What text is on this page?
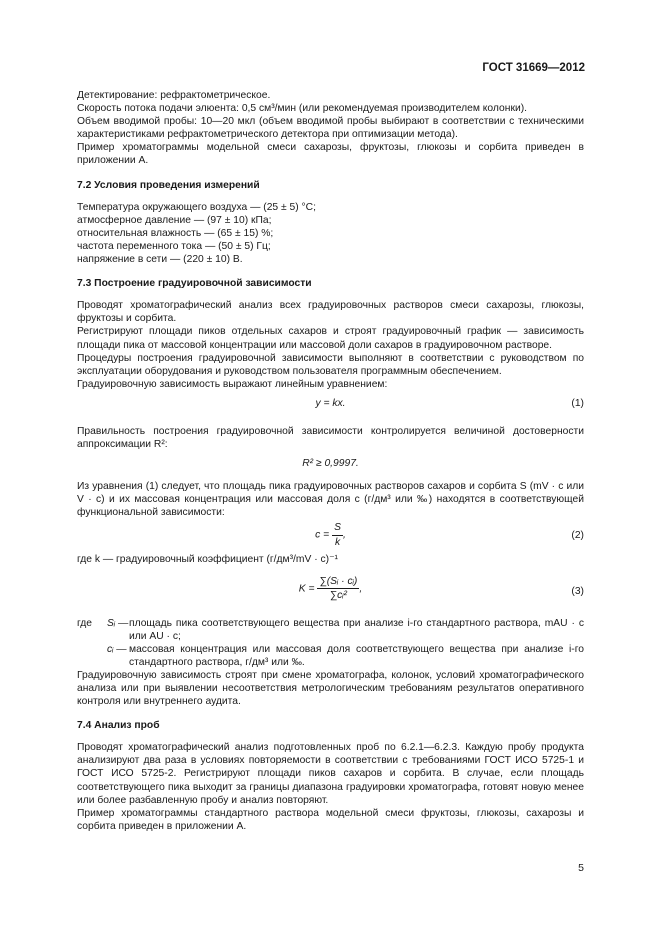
ГОСТ 31669—2012

Детектирование: рефрактометрическое.

Скорость потока подачи элюента: 0,5 см³/мин (или рекомендуемая производителем колонки).

Объем вводимой пробы: 10—20 мкл (объем вводимой пробы выбирают в соответствии с техническими характеристиками рефрактометрического детектора при оптимизации метода).

Пример хроматограммы модельной смеси сахарозы, фруктозы, глюкозы и сорбита приведен в приложении А.

7.2 Условия проведения измерений

Температура окружающего воздуха — (25 ± 5) °С;

атмосферное давление — (97 ± 10) кПа;

относительная влажность — (65 ± 15) %;

частота переменного тока — (50 ± 5) Гц;

напряжение в сети — (220 ± 10) В.

7.3 Построение градуировочной зависимости

Проводят хроматографический анализ всех градуировочных растворов смеси сахарозы, глюкозы, фруктозы и сорбита.

Регистрируют площади пиков отдельных сахаров и строят градуировочный график — зависимость площади пика от массовой концентрации или массовой доли сахаров в градуировочном растворе.

Процедуры построения градуировочной зависимости выполняют в соответствии с руководством по эксплуатации оборудования и руководством пользователя программным обеспечением.

Градуировочную зависимость выражают линейным уравнением:

y = kx.	(1)

Правильность построения градуировочной зависимости контролируется величиной достоверности аппроксимации R²:

R² ≥ 0,9997.

Из уравнения (1) следует, что площадь пика градуировочных растворов сахаров и сорбита S (mV · c или V · c) и их массовая концентрация или массовая доля c (г/дм³ или ‰) находятся в соответствующей функциональной зависимости:

$c = \frac{S}{k}$ ,	(2)

где k — градуировочный коэффициент (г/дм³/mV · c)⁻¹

$K = \frac{\text{∑(Sᵢ · cᵢ)}}{\text{∑cᵢ²}}$ ,	(3)
где	Sᵢ — площадь пика соответствующего вещества при анализе i-го стандартного раствора, mAU · c или AU · c;
cᵢ — массовая концентрация или массовая доля соответствующего вещества при анализе i-го стандартного раствора, г/дм³ или ‰.

Градуировочную зависимость строят при смене хроматографа, колонок, условий хроматографического анализа или при выявлении несоответствия метрологическим требованиям результатов оперативного контроля или внутреннего аудита.

7.4 Анализ проб

Проводят хроматографический анализ подготовленных проб по 6.2.1—6.2.3. Каждую пробу продукта анализируют два раза в условиях повторяемости в соответствии с требованиями ГОСТ ИСО 5725-1 и ГОСТ ИСО 5725-2. Регистрируют площади пиков сахаров и сорбита. В случае, если площадь соответствующего пика выходит за границы диапазона градуировки хроматографа, готовят новую менее или более разбавленную пробу и анализ повторяют.

Пример хроматограммы стандартного раствора модельной смеси фруктозы, глюкозы, сахарозы и сорбита приведен в приложении А.

5
